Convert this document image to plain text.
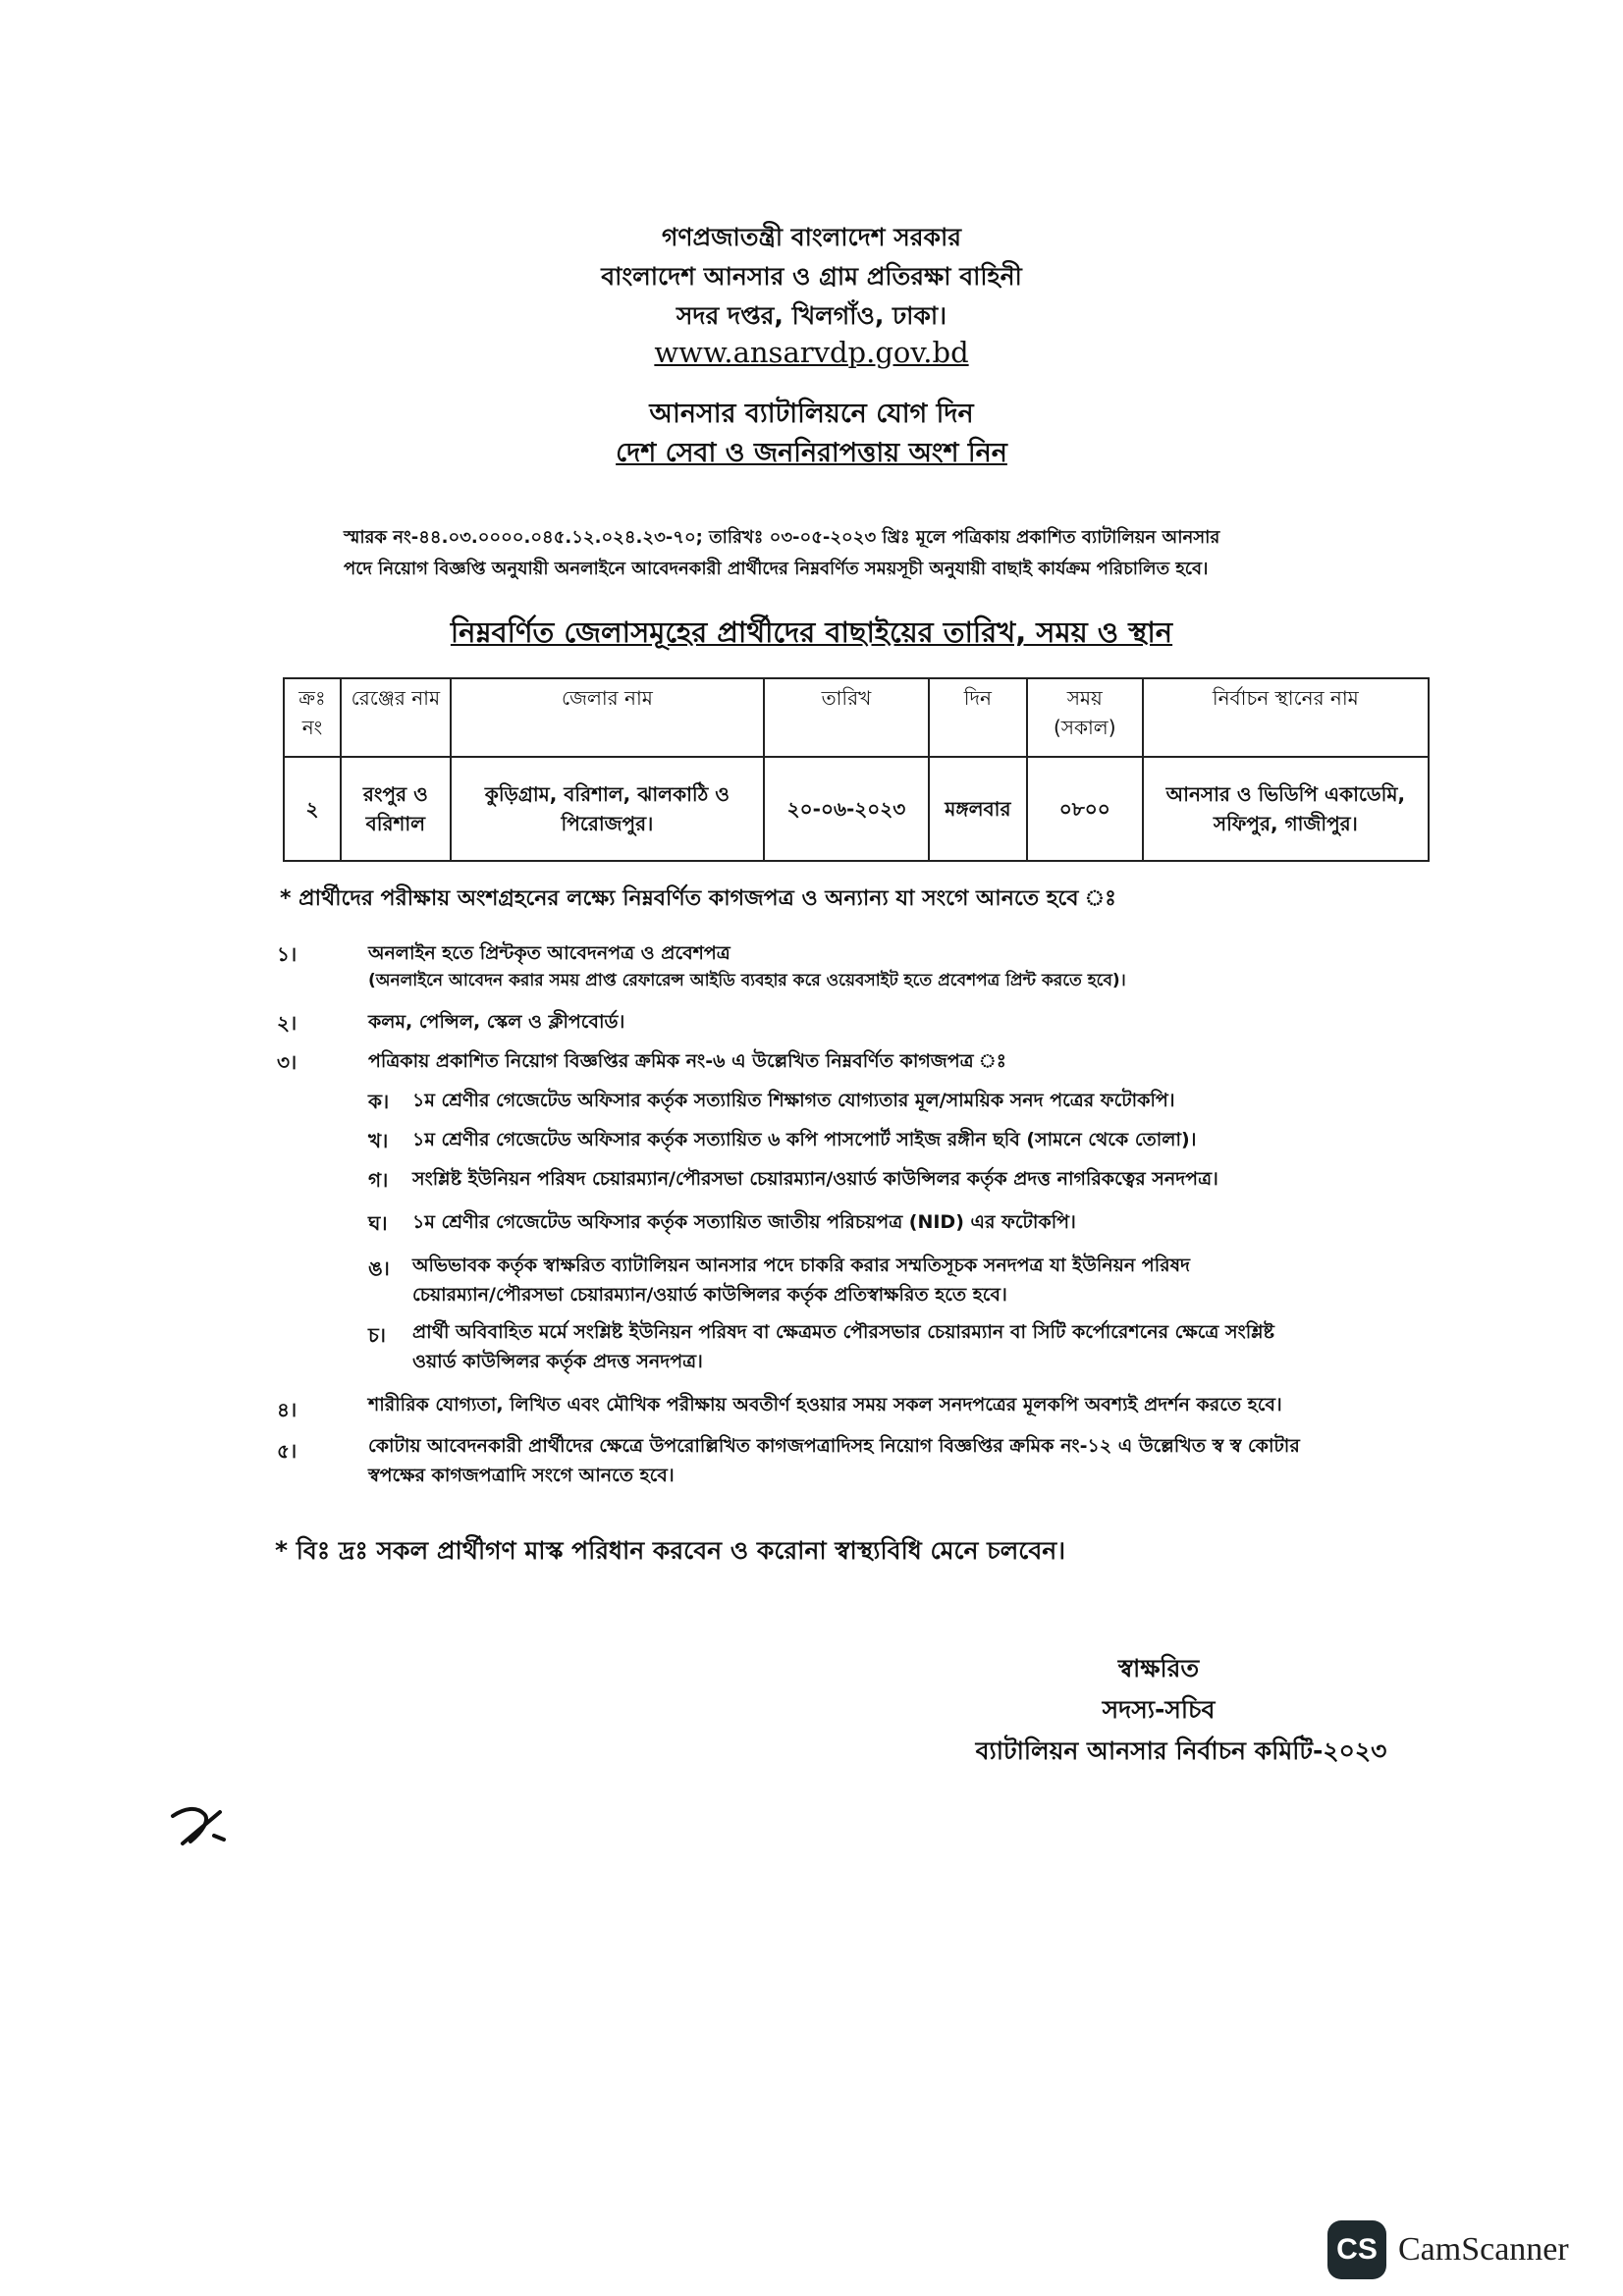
গণপ্রজাতন্ত্রী বাংলাদেশ সরকার
বাংলাদেশ আনসার ও গ্রাম প্রতিরক্ষা বাহিনী
সদর দপ্তর, খিলগাঁও, ঢাকা।
www.ansarvdp.gov.bd
আনসার ব্যাটালিয়নে যোগ দিন
দেশ সেবা ও জননিরাপত্তায় অংশ নিন
স্মারক নং-৪৪.০৩.০০০০.০৪৫.১২.০২৪.২৩-৭০; তারিখঃ ০৩-০৫-২০২৩ খ্রিঃ মূলে পত্রিকায় প্রকাশিত ব্যাটালিয়ন আনসার
পদে নিয়োগ বিজ্ঞপ্তি অনুযায়ী অনলাইনে আবেদনকারী প্রার্থীদের নিম্নবর্ণিত সময়সূচী অনুযায়ী বাছাই কার্যক্রম পরিচালিত হবে।
নিম্নবর্ণিত জেলাসমূহের প্রার্থীদের বাছাইয়ের তারিখ, সময় ও স্থান
ক্রঃ নং	রেঞ্জের নাম	জেলার নাম	তারিখ	দিন	সময় (সকাল)	নির্বাচন স্থানের নাম
২	রংপুর ও বরিশাল	কুড়িগ্রাম, বরিশাল, ঝালকাঠি ও পিরোজপুর।	২০-০৬-২০২৩	মঙ্গলবার	০৮০০	আনসার ও ভিডিপি একাডেমি, সফিপুর, গাজীপুর।
* প্রার্থীদের পরীক্ষায় অংশগ্রহনের লক্ষ্যে নিম্নবর্ণিত কাগজপত্র ও অন্যান্য যা সংগে আনতে হবে ঃ
১।	অনলাইন হতে প্রিন্টকৃত আবেদনপত্র ও প্রবেশপত্র
(অনলাইনে আবেদন করার সময় প্রাপ্ত রেফারেন্স আইডি ব্যবহার করে ওয়েবসাইট হতে প্রবেশপত্র প্রিন্ট করতে হবে)।
২।	কলম, পেন্সিল, স্কেল ও ক্লীপবোর্ড।
৩।	পত্রিকায় প্রকাশিত নিয়োগ বিজ্ঞপ্তির ক্রমিক নং-৬ এ উল্লেখিত নিম্নবর্ণিত কাগজপত্র ঃ
ক। ১ম শ্রেণীর গেজেটেড অফিসার কর্তৃক সত্যায়িত শিক্ষাগত যোগ্যতার মূল/সাময়িক সনদ পত্রের ফটোকপি।
খ। ১ম শ্রেণীর গেজেটেড অফিসার কর্তৃক সত্যায়িত ৬ কপি পাসপোর্ট সাইজ রঙ্গীন ছবি (সামনে থেকে তোলা)।
গ। সংশ্লিষ্ট ইউনিয়ন পরিষদ চেয়ারম্যান/পৌরসভা চেয়ারম্যান/ওয়ার্ড কাউন্সিলর কর্তৃক প্রদত্ত নাগরিকত্বের সনদপত্র।
ঘ। ১ম শ্রেণীর গেজেটেড অফিসার কর্তৃক সত্যায়িত জাতীয় পরিচয়পত্র (NID) এর ফটোকপি।
ঙ। অভিভাবক কর্তৃক স্বাক্ষরিত ব্যাটালিয়ন আনসার পদে চাকরি করার সম্মতিসূচক সনদপত্র যা ইউনিয়ন পরিষদ
চেয়ারম্যান/পৌরসভা চেয়ারম্যান/ওয়ার্ড কাউন্সিলর কর্তৃক প্রতিস্বাক্ষরিত হতে হবে।
চ। প্রার্থী অবিবাহিত মর্মে সংশ্লিষ্ট ইউনিয়ন পরিষদ বা ক্ষেত্রমত পৌরসভার চেয়ারম্যান বা সিটি কর্পোরেশনের ক্ষেত্রে সংশ্লিষ্ট
ওয়ার্ড কাউন্সিলর কর্তৃক প্রদত্ত সনদপত্র।
৪।	শারীরিক যোগ্যতা, লিখিত এবং মৌখিক পরীক্ষায় অবতীর্ণ হওয়ার সময় সকল সনদপত্রের মূলকপি অবশ্যই প্রদর্শন করতে হবে।
৫।	কোটায় আবেদনকারী প্রার্থীদের ক্ষেত্রে উপরোল্লিখিত কাগজপত্রাদিসহ নিয়োগ বিজ্ঞপ্তির ক্রমিক নং-১২ এ উল্লেখিত স্ব স্ব কোটার
স্বপক্ষের কাগজপত্রাদি সংগে আনতে হবে।
* বিঃ দ্রঃ সকল প্রার্থীগণ মাস্ক পরিধান করবেন ও করোনা স্বাস্থ্যবিধি মেনে চলবেন।
স্বাক্ষরিত
সদস্য-সচিব
ব্যাটালিয়ন আনসার নির্বাচন কমিটি-২০২৩
CS CamScanner
